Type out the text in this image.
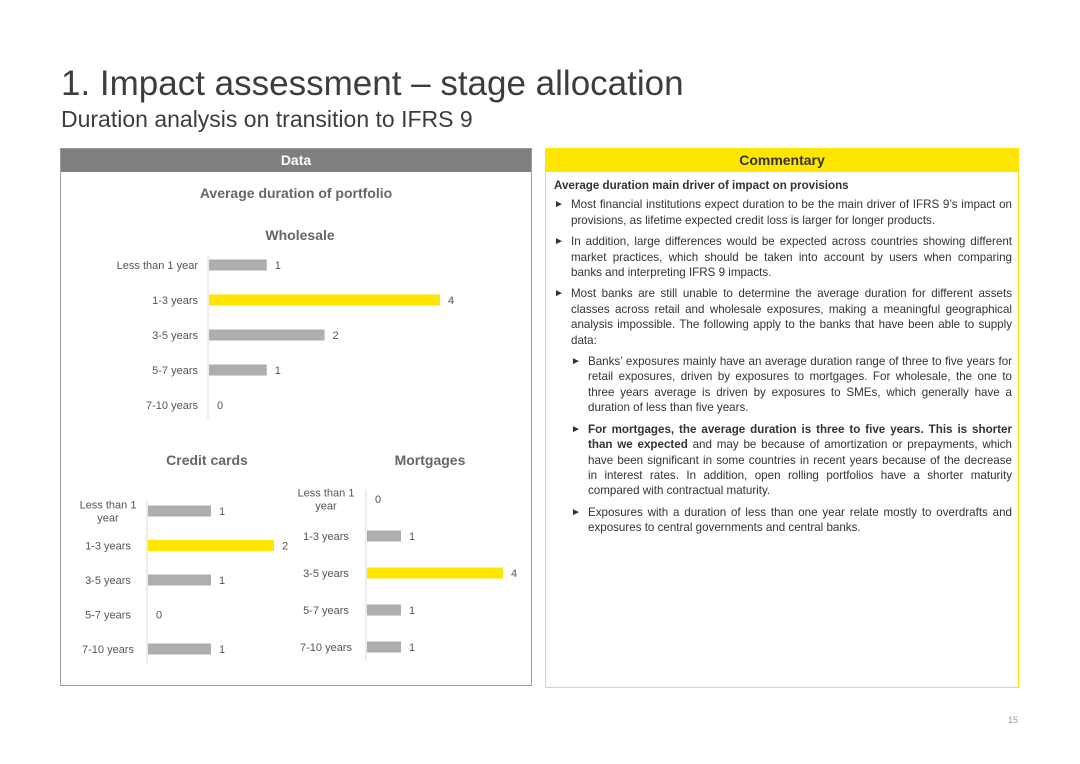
1. Impact assessment – stage allocation
Duration analysis on transition to IFRS 9
Data
Average duration of portfolio
Wholesale
Credit cards	Mortgages
1
Less than 1 year
4
1-3 years
2
3-5 years
1
5-7 years
0
7-10 years
1
Less than 1 year
2
1-3 years
1
3-5 years
0
5-7 years
1
7-10 years
0
Less than 1 year
1
1-3 years
4
3-5 years
1
5-7 years
1
7-10 years
Commentary
Average duration main driver of impact on provisions
► Most financial institutions expect duration to be the main driver of IFRS 9’s impact on provisions, as lifetime expected credit loss is larger for longer products.
► In addition, large differences would be expected across countries showing different market practices, which should be taken into account by users when comparing banks and interpreting IFRS 9 impacts.
► Most banks are still unable to determine the average duration for different assets classes across retail and wholesale exposures, making a meaningful geographical analysis impossible. The following apply to the banks that have been able to supply data:
► Banks’ exposures mainly have an average duration range of three to five years for retail exposures, driven by exposures to mortgages. For wholesale, the one to three years average is driven by exposures to SMEs, which generally have a duration of less than five years.
► For mortgages, the average duration is three to five years. This is shorter than we expected and may be because of amortization or prepayments, which have been significant in some countries in recent years because of the decrease in interest rates. In addition, open rolling portfolios have a shorter maturity compared with contractual maturity.
► Exposures with a duration of less than one year relate mostly to overdrafts and exposures to central governments and central banks.
15
